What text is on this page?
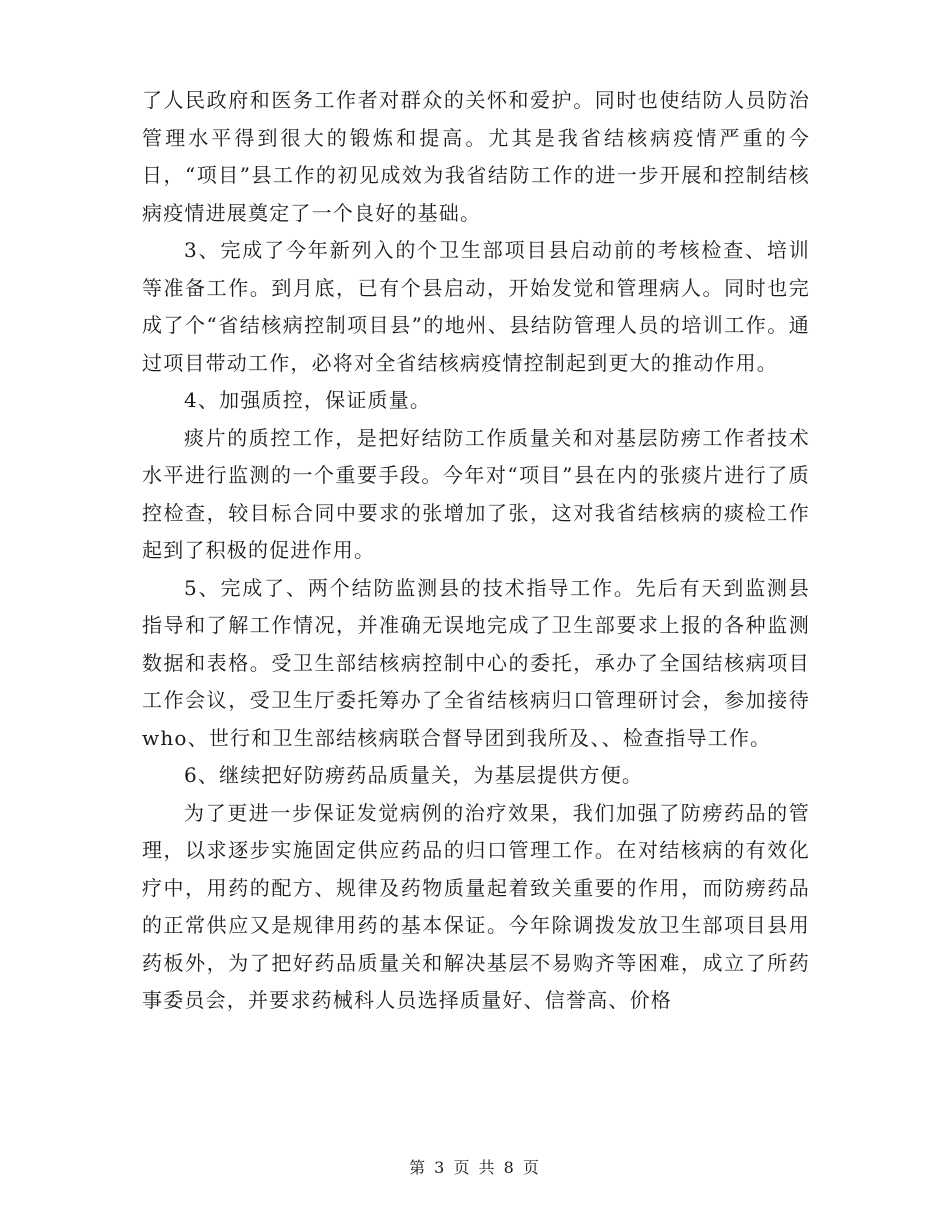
了人民政府和医务工作者对群众的关怀和爱护。同时也使结防人员防治管理水平得到很大的锻炼和提高。尤其是我省结核病疫情严重的今日，“项目”县工作的初见成效为我省结防工作的进一步开展和控制结核病疫情进展奠定了一个良好的基础。

3、完成了今年新列入的个卫生部项目县启动前的考核检查、培训等准备工作。到月底，已有个县启动，开始发觉和管理病人。同时也完成了个“省结核病控制项目县”的地州、县结防管理人员的培训工作。通过项目带动工作，必将对全省结核病疫情控制起到更大的推动作用。

4、加强质控，保证质量。

痰片的质控工作，是把好结防工作质量关和对基层防痨工作者技术水平进行监测的一个重要手段。今年对“项目”县在内的张痰片进行了质控检查，较目标合同中要求的张增加了张，这对我省结核病的痰检工作起到了积极的促进作用。

5、完成了、两个结防监测县的技术指导工作。先后有天到监测县指导和了解工作情况，并准确无误地完成了卫生部要求上报的各种监测数据和表格。受卫生部结核病控制中心的委托，承办了全国结核病项目工作会议，受卫生厅委托筹办了全省结核病归口管理研讨会，参加接待who、世行和卫生部结核病联合督导团到我所及、、检查指导工作。

6、继续把好防痨药品质量关，为基层提供方便。

为了更进一步保证发觉病例的治疗效果，我们加强了防痨药品的管理，以求逐步实施固定供应药品的归口管理工作。在对结核病的有效化疗中，用药的配方、规律及药物质量起着致关重要的作用，而防痨药品的正常供应又是规律用药的基本保证。今年除调拨发放卫生部项目县用药板外，为了把好药品质量关和解决基层不易购齐等困难，成立了所药事委员会，并要求药械科人员选择质量好、信誉高、价格

第 3 页 共 8 页
